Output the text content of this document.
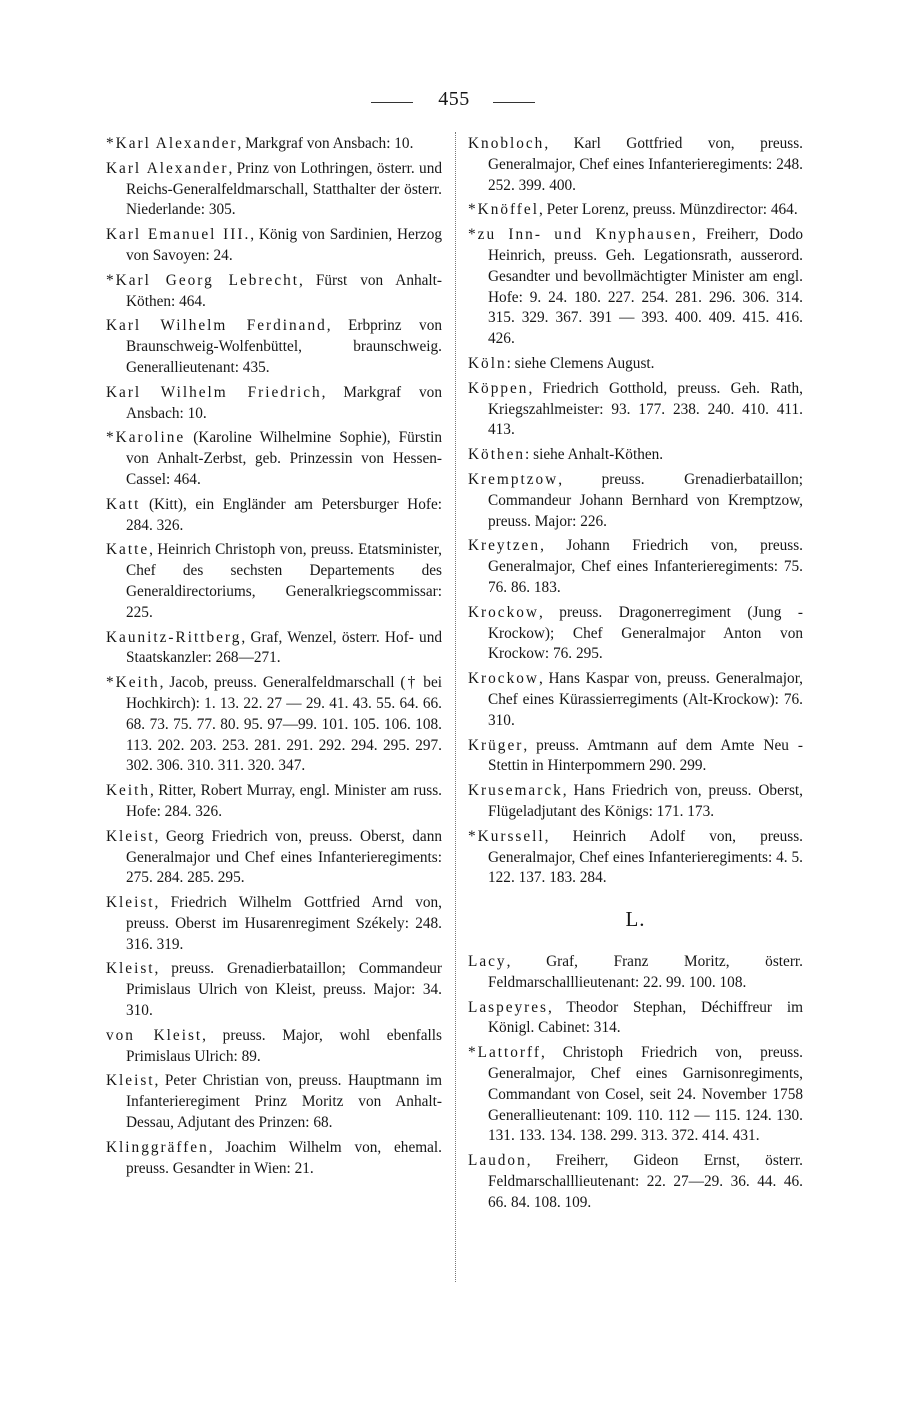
455

*Karl Alexander, Markgraf von Ansbach: 10.

Karl Alexander, Prinz von Lothringen, österr. und Reichs-Generalfeldmarschall, Statthalter der österr. Niederlande: 305.

Karl Emanuel III., König von Sardinien, Herzog von Savoyen: 24.

*Karl Georg Lebrecht, Fürst von Anhalt-Köthen: 464.

Karl Wilhelm Ferdinand, Erbprinz von Braunschweig-Wolfenbüttel, braunschweig. Generallieutenant: 435.

Karl Wilhelm Friedrich, Markgraf von Ansbach: 10.

*Karoline (Karoline Wilhelmine Sophie), Fürstin von Anhalt-Zerbst, geb. Prinzessin von Hessen-Cassel: 464.

Katt (Kitt), ein Engländer am Petersburger Hofe: 284. 326.

Katte, Heinrich Christoph von, preuss. Etatsminister, Chef des sechsten Departements des Generaldirectoriums, Generalkriegscommissar: 225.

Kaunitz-Rittberg, Graf, Wenzel, österr. Hof- und Staatskanzler: 268—271.

*Keith, Jacob, preuss. Generalfeldmarschall († bei Hochkirch): 1. 13. 22. 27 — 29. 41. 43. 55. 64. 66. 68. 73. 75. 77. 80. 95. 97—99. 101. 105. 106. 108. 113. 202. 203. 253. 281. 291. 292. 294. 295. 297. 302. 306. 310. 311. 320. 347.

Keith, Ritter, Robert Murray, engl. Minister am russ. Hofe: 284. 326.

Kleist, Georg Friedrich von, preuss. Oberst, dann Generalmajor und Chef eines Infanterieregiments: 275. 284. 285. 295.

Kleist, Friedrich Wilhelm Gottfried Arnd von, preuss. Oberst im Husarenregiment Székely: 248. 316. 319.

Kleist, preuss. Grenadierbataillon; Commandeur Primislaus Ulrich von Kleist, preuss. Major: 34. 310.

von Kleist, preuss. Major, wohl ebenfalls Primislaus Ulrich: 89.

Kleist, Peter Christian von, preuss. Hauptmann im Infanterieregiment Prinz Moritz von Anhalt-Dessau, Adjutant des Prinzen: 68.

Klinggräffen, Joachim Wilhelm von, ehemal. preuss. Gesandter in Wien: 21.

Knobloch, Karl Gottfried von, preuss. Generalmajor, Chef eines Infanterieregiments: 248. 252. 399. 400.

*Knöffel, Peter Lorenz, preuss. Münzdirector: 464.

*zu Inn- und Knyphausen, Freiherr, Dodo Heinrich, preuss. Geh. Legationsrath, ausserord. Gesandter und bevollmächtigter Minister am engl. Hofe: 9. 24. 180. 227. 254. 281. 296. 306. 314. 315. 329. 367. 391 — 393. 400. 409. 415. 416. 426.

Köln: siehe Clemens August.

Köppen, Friedrich Gotthold, preuss. Geh. Rath, Kriegszahlmeister: 93. 177. 238. 240. 410. 411. 413.

Köthen: siehe Anhalt-Köthen.

Kremptzow, preuss. Grenadierbataillon; Commandeur Johann Bernhard von Kremptzow, preuss. Major: 226.

Kreytzen, Johann Friedrich von, preuss. Generalmajor, Chef eines Infanterieregiments: 75. 76. 86. 183.

Krockow, preuss. Dragonerregiment (Jung - Krockow); Chef Generalmajor Anton von Krockow: 76. 295.

Krockow, Hans Kaspar von, preuss. Generalmajor, Chef eines Kürassierregiments (Alt-Krockow): 76. 310.

Krüger, preuss. Amtmann auf dem Amte Neu - Stettin in Hinterpommern 290. 299.

Krusemarck, Hans Friedrich von, preuss. Oberst, Flügeladjutant des Königs: 171. 173.

*Kurssell, Heinrich Adolf von, preuss. Generalmajor, Chef eines Infanterieregiments: 4. 5. 122. 137. 183. 284.

L.

Lacy, Graf, Franz Moritz, österr. Feldmarschalllieutenant: 22. 99. 100. 108.

Laspeyres, Theodor Stephan, Déchiffreur im Königl. Cabinet: 314.

*Lattorff, Christoph Friedrich von, preuss. Generalmajor, Chef eines Garnisonregiments, Commandant von Cosel, seit 24. November 1758 Generallieutenant: 109. 110. 112 — 115. 124. 130. 131. 133. 134. 138. 299. 313. 372. 414. 431.

Laudon, Freiherr, Gideon Ernst, österr. Feldmarschalllieutenant: 22. 27—29. 36. 44. 46. 66. 84. 108. 109.
